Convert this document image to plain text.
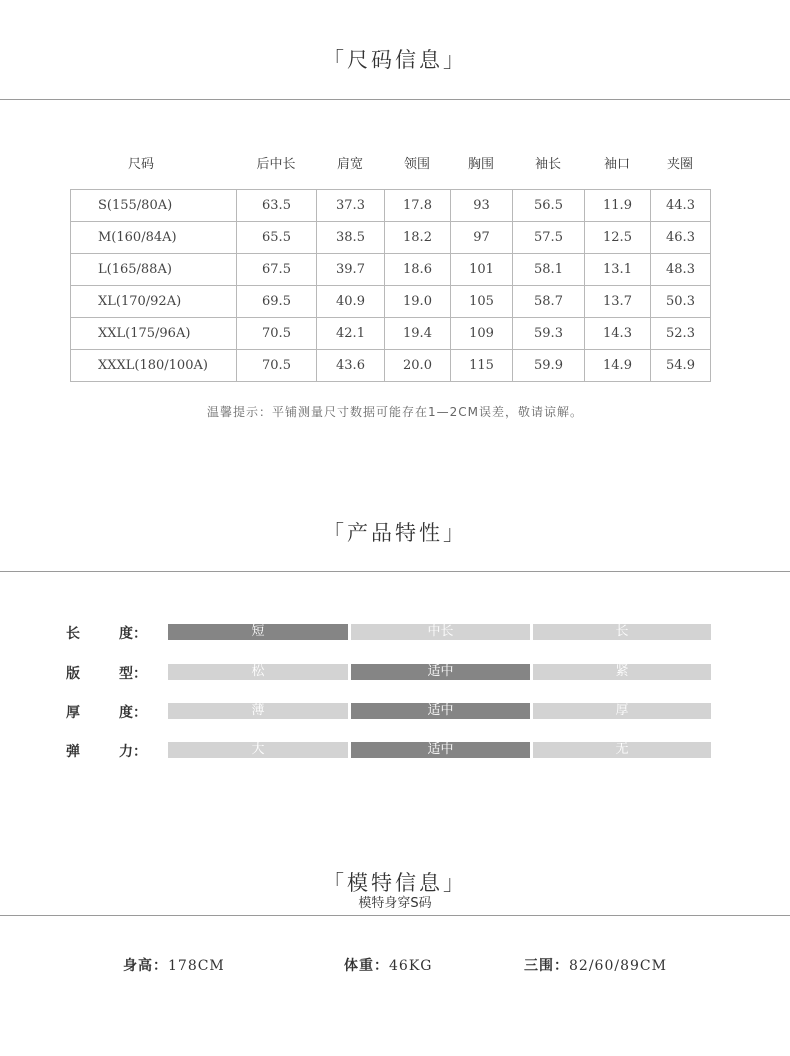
「尺码信息」
尺码	后中长	肩宽	领围	胸围	袖长	袖口	夹圈
S(155/80A)	63.5	37.3	17.8	93	56.5	11.9	44.3
M(160/84A)	65.5	38.5	18.2	97	57.5	12.5	46.3
L(165/88A)	67.5	39.7	18.6	101	58.1	13.1	48.3
XL(170/92A)	69.5	40.9	19.0	105	58.7	13.7	50.3
XXL(175/96A)	70.5	42.1	19.4	109	59.3	14.3	52.3
XXXL(180/100A)	70.5	43.6	20.0	115	59.9	14.9	54.9
温馨提示：平铺测量尺寸数据可能存在1—2CM误差，敬请谅解。
「产品特性」
长	度：	短	中长	长
版	型：	松	适中	紧
厚	度：	薄	适中	厚
弹	力：	大	适中	无
「模特信息」
模特身穿S码
身高：178CM	体重：46KG	三围：82/60/89CM
